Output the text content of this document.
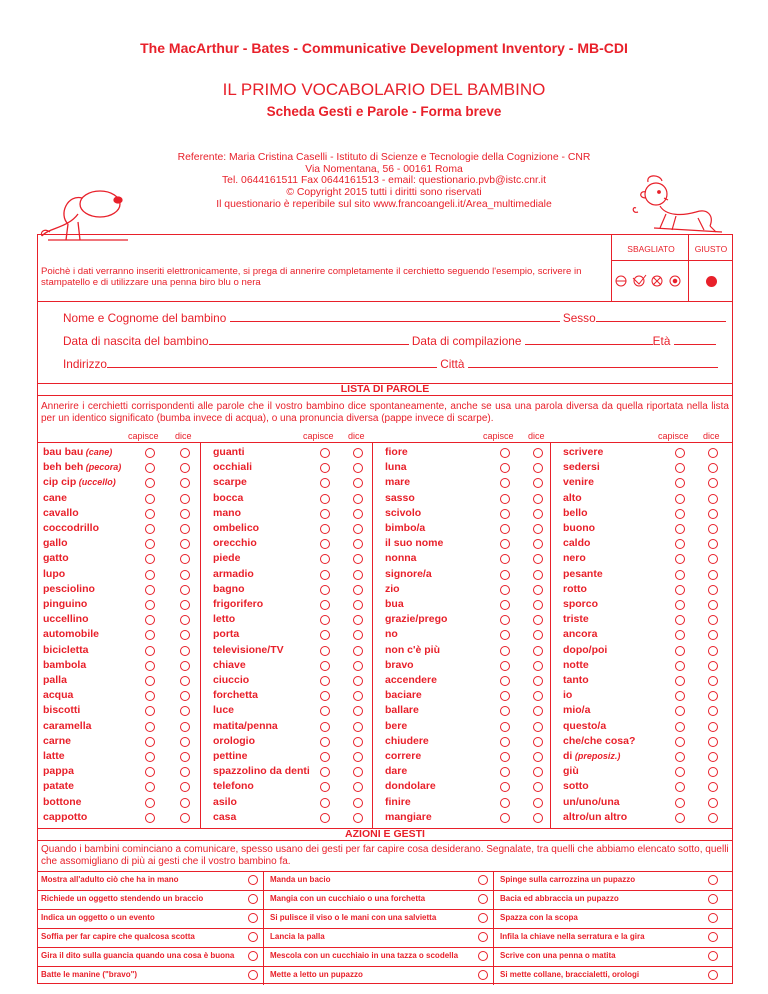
The MacArthur - Bates - Communicative Development Inventory - MB-CDI
IL PRIMO VOCABOLARIO DEL BAMBINO
Scheda Gesti e Parole - Forma breve
Referente: Maria Cristina Caselli - Istituto di Scienze e Tecnologie della Cognizione - CNR
Via Nomentana, 56 - 00161 Roma
Tel. 0644161511 Fax 0644161513 - email: questionario.pvb@istc.cnr.it
© Copyright 2015 tutti i diritti sono riservati
Il questionario è reperibile sul sito www.francoangeli.it/Area_multimediale
Poichè i dati verranno inseriti elettronicamente, si prega di annerire completamente il cerchietto seguendo l'esempio, scrivere in stampatello e di utilizzare una penna biro blu o nera
SBAGLIATO	GIUSTO
Nome e Cognome del bambino	Sesso
Data di nascita del bambino	Data di compilazione	Età
Indirizzo	Città
LISTA DI PAROLE
Annerire i cerchietti corrispondenti alle parole che il vostro bambino dice spontaneamente, anche se usa una parola diversa da quella riportata nella lista per un identico significato (bumba invece di acqua), o una pronuncia diversa (pappe invece di scarpe).
capisce dice
bau bau (cane)
beh beh (pecora)
cip cip (uccello)
cane
cavallo
coccodrillo
gallo
gatto
lupo
pesciolino
pinguino
uccellino
automobile
bicicletta
bambola
palla
acqua
biscotti
caramella
carne
latte
pappa
patate
bottone
cappotto
capisce dice
guanti
occhiali
scarpe
bocca
mano
ombelico
orecchio
piede
armadio
bagno
frigorifero
letto
porta
televisione/TV
chiave
ciuccio
forchetta
luce
matita/penna
orologio
pettine
spazzolino da denti
telefono
asilo
casa
capisce dice
fiore
luna
mare
sasso
scivolo
bimbo/a
il suo nome
nonna
signore/a
zio
bua
grazie/prego
no
non c'è più
bravo
accendere
baciare
ballare
bere
chiudere
correre
dare
dondolare
finire
mangiare
capisce dice
scrivere
sedersi
venire
alto
bello
buono
caldo
nero
pesante
rotto
sporco
triste
ancora
dopo/poi
notte
tanto
io
mio/a
questo/a
che/che cosa?
di (preposiz.)
giù
sotto
un/uno/una
altro/un altro
AZIONI E GESTI
Quando i bambini cominciano a comunicare, spesso usano dei gesti per far capire cosa desiderano. Segnalate, tra quelli che abbiamo elencato sotto, quelli che assomigliano di più ai gesti che il vostro bambino fa.
Mostra all'adulto ciò che ha in mano	Manda un bacio	Spinge sulla carrozzina un pupazzo
Richiede un oggetto stendendo un braccio	Mangia con un cucchiaio o una forchetta	Bacia ed abbraccia un pupazzo
Indica un oggetto o un evento	Si pulisce il viso o le mani con una salvietta	Spazza con la scopa
Soffia per far capire che qualcosa scotta	Lancia la palla	Infila la chiave nella serratura e la gira
Gira il dito sulla guancia quando una cosa è buona	Mescola con un cucchiaio in una tazza o scodella	Scrive con una penna o matita
Batte le manine ("bravo")	Mette a letto un pupazzo	Si mette collane, braccialetti, orologi
